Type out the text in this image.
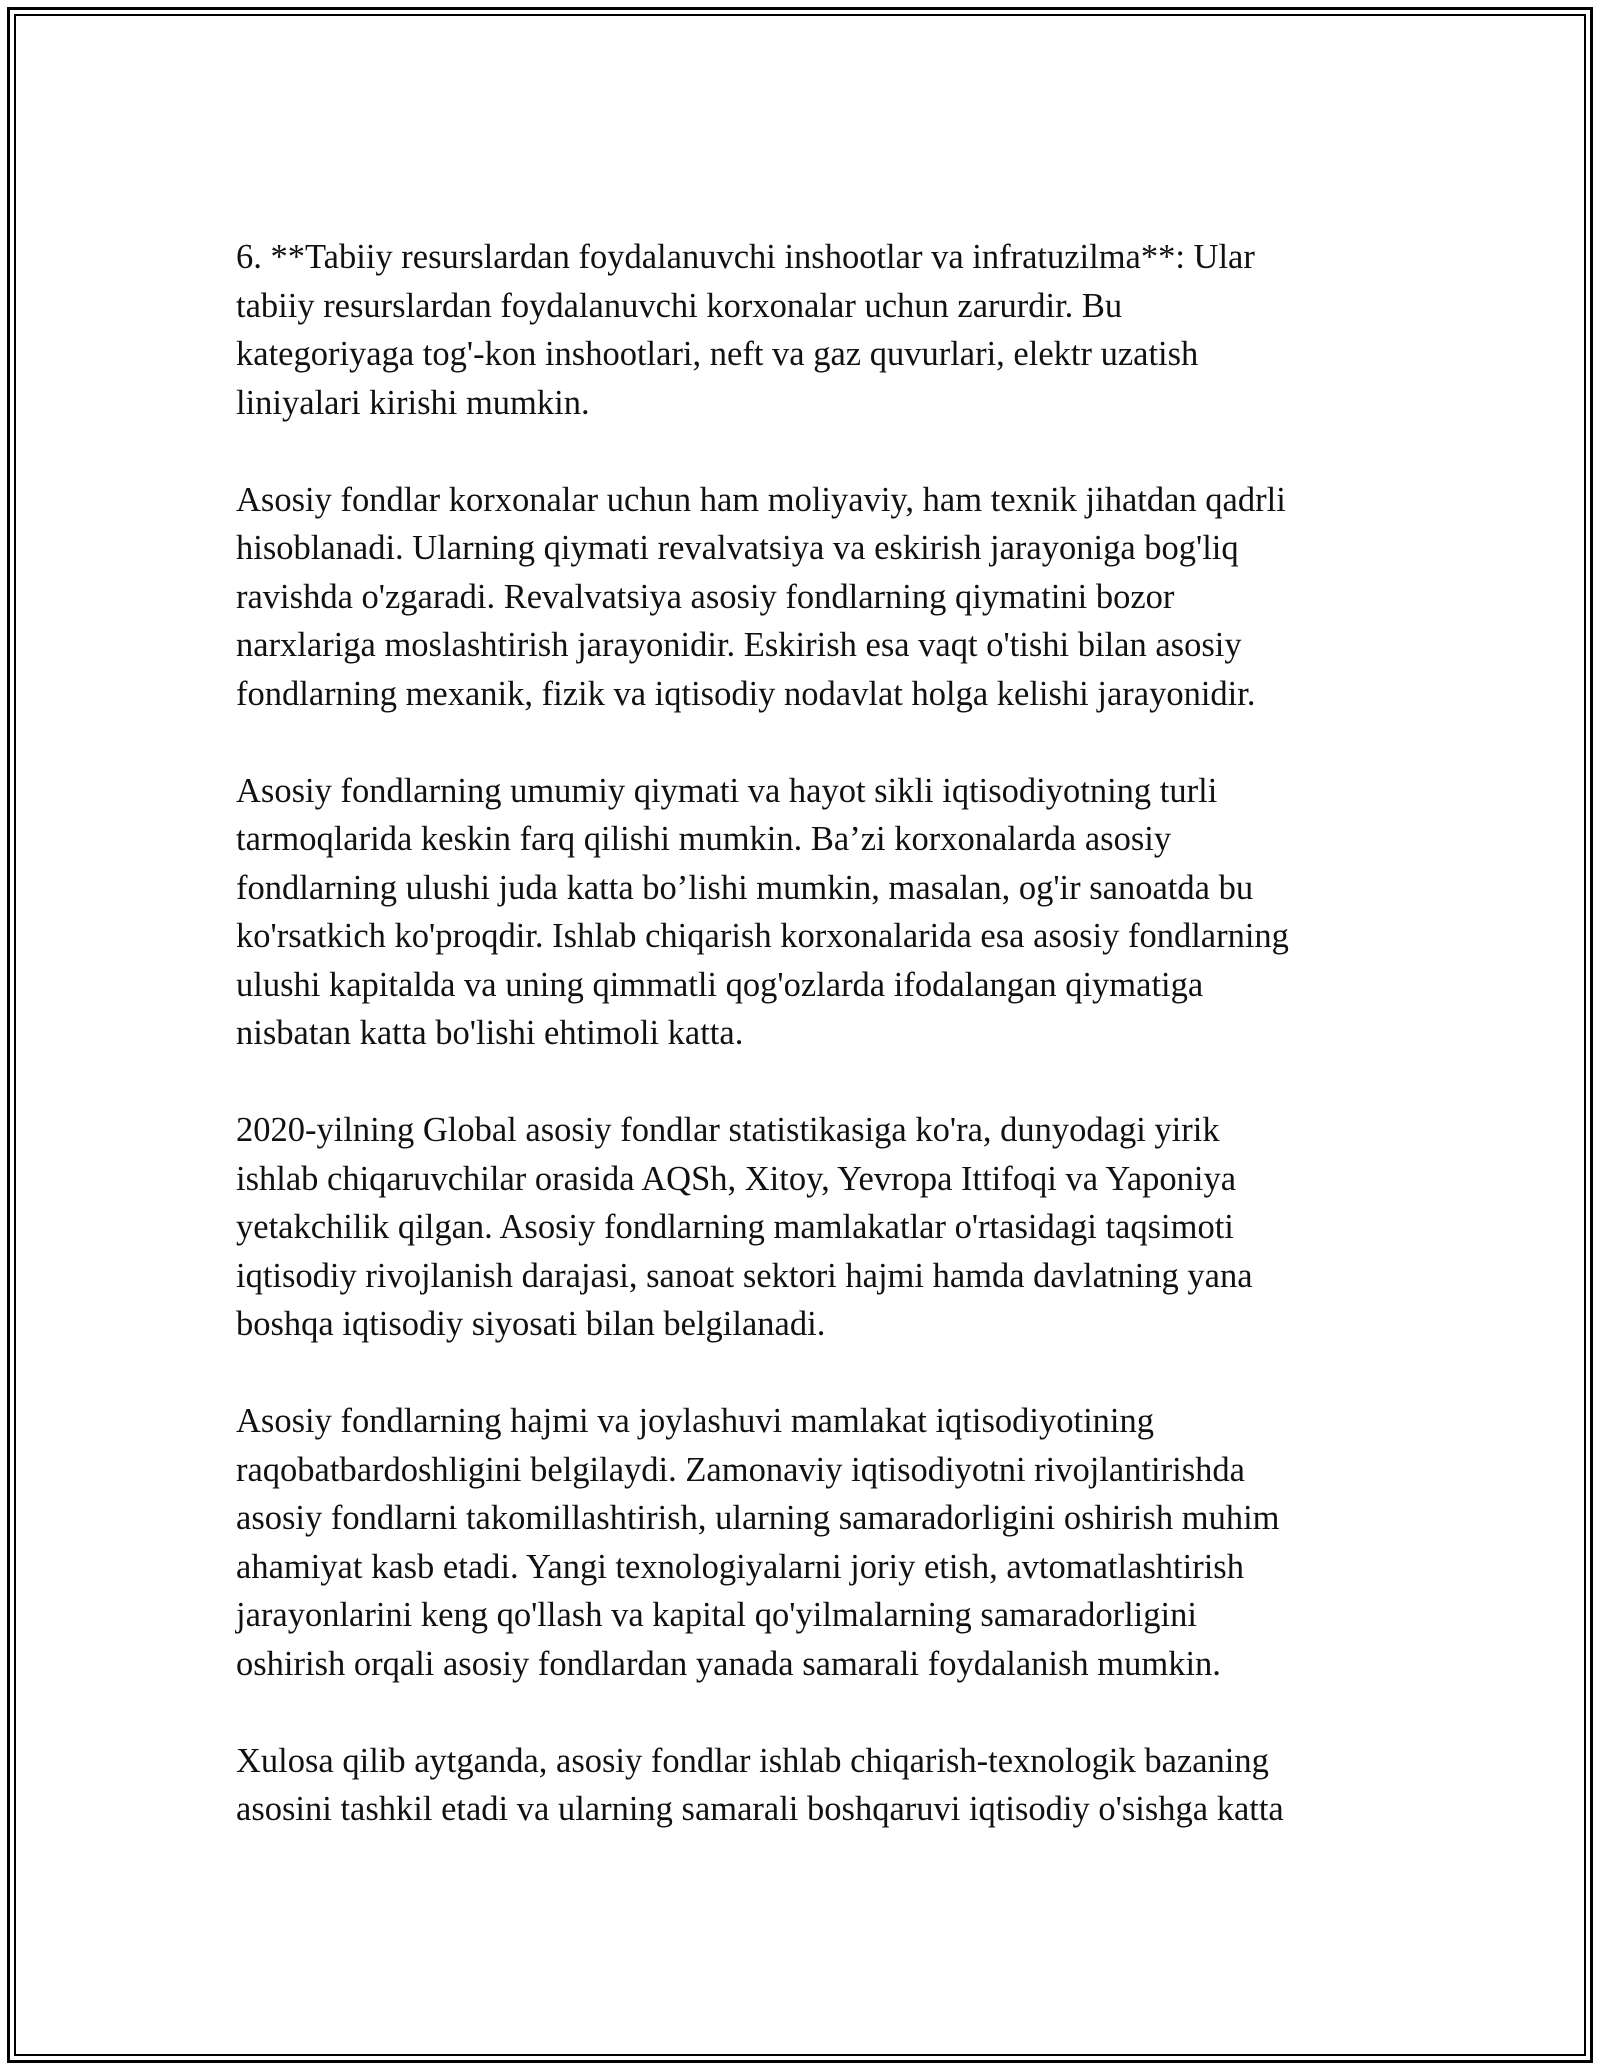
6. **Tabiiy resurslardan foydalanuvchi inshootlar va infratuzilma**: Ular
tabiiy resurslardan foydalanuvchi korxonalar uchun zarurdir. Bu
kategoriyaga tog'-kon inshootlari, neft va gaz quvurlari, elektr uzatish
liniyalari kirishi mumkin.

Asosiy fondlar korxonalar uchun ham moliyaviy, ham texnik jihatdan qadrli
hisoblanadi. Ularning qiymati revalvatsiya va eskirish jarayoniga bog'liq
ravishda o'zgaradi. Revalvatsiya asosiy fondlarning qiymatini bozor
narxlariga moslashtirish jarayonidir. Eskirish esa vaqt o'tishi bilan asosiy
fondlarning mexanik, fizik va iqtisodiy nodavlat holga kelishi jarayonidir.

Asosiy fondlarning umumiy qiymati va hayot sikli iqtisodiyotning turli
tarmoqlarida keskin farq qilishi mumkin. Ba’zi korxonalarda asosiy
fondlarning ulushi juda katta bo’lishi mumkin, masalan, og'ir sanoatda bu
ko'rsatkich ko'proqdir. Ishlab chiqarish korxonalarida esa asosiy fondlarning
ulushi kapitalda va uning qimmatli qog'ozlarda ifodalangan qiymatiga
nisbatan katta bo'lishi ehtimoli katta.

2020-yilning Global asosiy fondlar statistikasiga ko'ra, dunyodagi yirik
ishlab chiqaruvchilar orasida AQSh, Xitoy, Yevropa Ittifoqi va Yaponiya
yetakchilik qilgan. Asosiy fondlarning mamlakatlar o'rtasidagi taqsimoti
iqtisodiy rivojlanish darajasi, sanoat sektori hajmi hamda davlatning yana
boshqa iqtisodiy siyosati bilan belgilanadi.

Asosiy fondlarning hajmi va joylashuvi mamlakat iqtisodiyotining
raqobatbardoshligini belgilaydi. Zamonaviy iqtisodiyotni rivojlantirishda
asosiy fondlarni takomillashtirish, ularning samaradorligini oshirish muhim
ahamiyat kasb etadi. Yangi texnologiyalarni joriy etish, avtomatlashtirish
jarayonlarini keng qo'llash va kapital qo'yilmalarning samaradorligini
oshirish orqali asosiy fondlardan yanada samarali foydalanish mumkin.

Xulosa qilib aytganda, asosiy fondlar ishlab chiqarish-texnologik bazaning
asosini tashkil etadi va ularning samarali boshqaruvi iqtisodiy o'sishga katta
